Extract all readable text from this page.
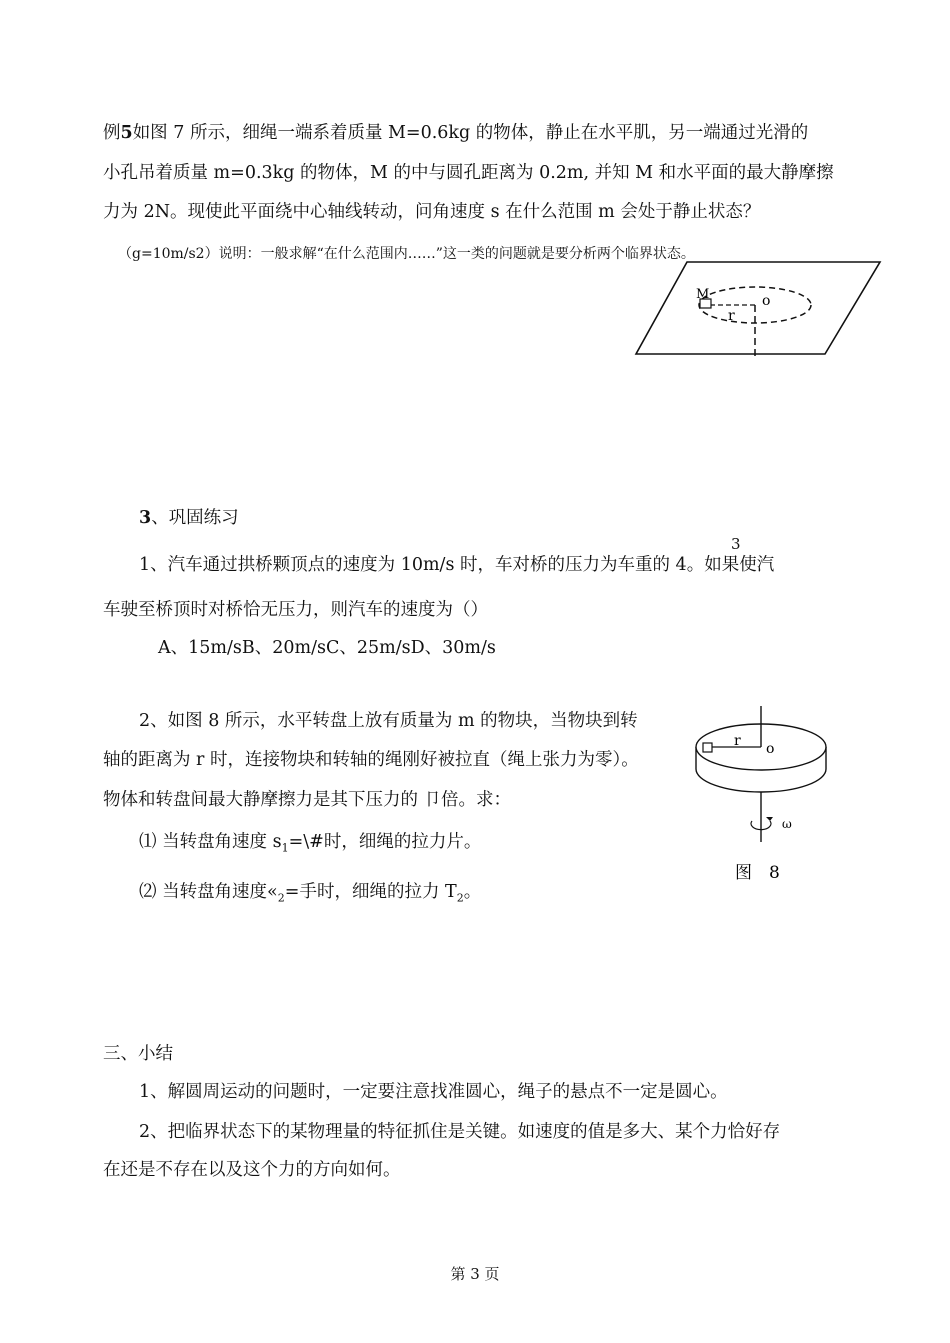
例5如图 7 所示，细绳一端系着质量 M=0.6kg 的物体，静止在水平肌，另一端通过光滑的
小孔吊着质量 m=0.3kg 的物体，M 的中与圆孔距离为 0.2m, 并知 M 和水平面的最大静摩擦
力为 2N。现使此平面绕中心轴线转动，问角速度 s 在什么范围 m 会处于静止状态？
（g=10m/s2）说明：一般求解“在什么范围内……”这一类的问题就是要分析两个临界状态。
M	o
r
3、巩固练习
3
1、汽车通过拱桥颗顶点的速度为 10m/s 时，车对桥的压力为车重的 4。如果使汽
车驶至桥顶时对桥恰无压力，则汽车的速度为（）
A、15m/sB、20m/sC、25m/sD、30m/s
2、如图 8 所示，水平转盘上放有质量为 m 的物块，当物块到转
轴的距离为 r 时，连接物块和转轴的绳刚好被拉直（绳上张力为零）。
物体和转盘间最大静摩擦力是其下压力的 卩倍。求：
⑴ 当转盘角速度 $s_1=\backslash\#$时，细绳的拉力片。
⑵ 当转盘角速度«$_2=$手时，细绳的拉力 $T_2$。
r o
ω
图　8
三、小结
1、解圆周运动的问题时，一定要注意找准圆心，绳子的悬点不一定是圆心。
2、把临界状态下的某物理量的特征抓住是关键。如速度的值是多大、某个力恰好存
在还是不存在以及这个力的方向如何。
第 3 页
